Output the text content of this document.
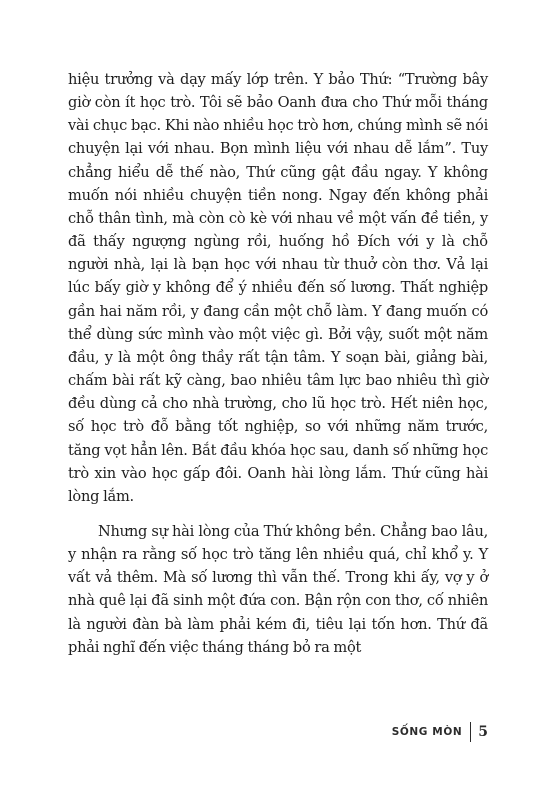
hiệu trưởng và dạy mấy lớp trên. Y bảo Thứ: “Trường bây giờ còn ít học trò. Tôi sẽ bảo Oanh đưa cho Thứ mỗi tháng vài chục bạc. Khi nào nhiều học trò hơn, chúng mình sẽ nói chuyện lại với nhau. Bọn mình liệu với nhau dễ lắm”. Tuy chẳng hiểu dễ thế nào, Thứ cũng gật đầu ngay. Y không muốn nói nhiều chuyện tiền nong. Ngay đến không phải chỗ thân tình, mà còn cò kè với nhau về một vấn đề tiền, y đã thấy ngượng ngùng rồi, huống hồ Đích với y là chỗ người nhà, lại là bạn học với nhau từ thuở còn thơ. Vả lại lúc bấy giờ y không để ý nhiều đến số lương. Thất nghiệp gần hai năm rồi, y đang cần một chỗ làm. Y đang muốn có thể dùng sức mình vào một việc gì. Bởi vậy, suốt một năm đầu, y là một ông thầy rất tận tâm. Y soạn bài, giảng bài, chấm bài rất kỹ càng, bao nhiêu tâm lực bao nhiêu thì giờ đều dùng cả cho nhà trường, cho lũ học trò. Hết niên học, số học trò đỗ bằng tốt nghiệp, so với những năm trước, tăng vọt hẳn lên. Bắt đầu khóa học sau, danh số những học trò xin vào học gấp đôi. Oanh hài lòng lắm. Thứ cũng hài lòng lắm.

Nhưng sự hài lòng của Thứ không bền. Chẳng bao lâu, y nhận ra rằng số học trò tăng lên nhiều quá, chỉ khổ y. Y vất vả thêm. Mà số lương thì vẫn thế. Trong khi ấy, vợ y ở nhà quê lại đã sinh một đứa con. Bận rộn con thơ, cố nhiên là người đàn bà làm phải kém đi, tiêu lại tốn hơn. Thứ đã phải nghĩ đến việc tháng tháng bỏ ra một

SỐNG MÒN 5
